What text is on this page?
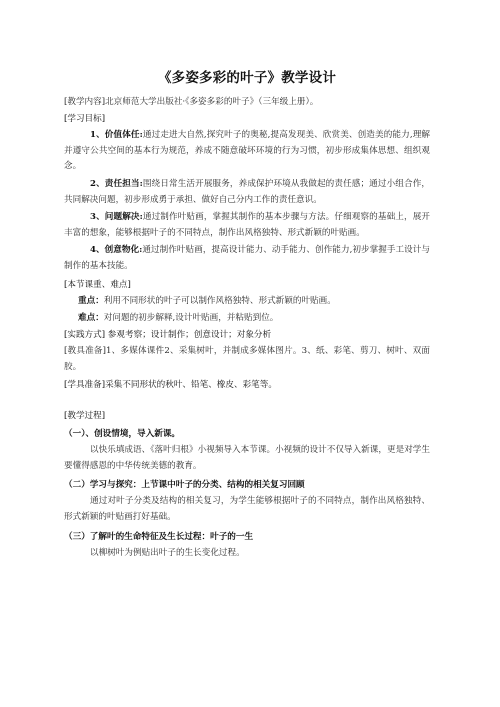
《多姿多彩的叶子》教学设计

[教学内容]北京师范大学出版社·《多姿多彩的叶子》（三年级上册）。

[学习目标]

1、价值体任:通过走进大自然,探究叶子的奥秘,提高发现美、欣赏美、创造美的能力,理解并遵守公共空间的基本行为规范，养成不随意破坏环境的行为习惯，初步形成集体思想、组织观念。

2、责任担当:围绕日常生活开展服务，养成保护环境从我做起的责任感；通过小组合作，共同解决问题，初步形成勇于承担、做好自己分内工作的责任意识。

3、问题解决:通过制作叶贴画，掌握其制作的基本步骤与方法。仔细观察的基础上，展开丰富的想象，能够根据叶子的不同特点，制作出风格独特、形式新颖的叶贴画。

4、创意物化:通过制作叶贴画，提高设计能力、动手能力、创作能力,初步掌握手工设计与制作的基本技能。

[本节课重、难点]

重点：利用不同形状的叶子可以制作风格独特、形式新颖的叶贴画。

难点：对问题的初步解释,设计叶贴画，并粘贴到位。

[实践方式] 参观考察；设计制作；创意设计；对象分析

[教具准备]1、多媒体课件2、采集树叶，并制成多媒体图片。3、纸、彩笔、剪刀、树叶、双面胶。

[学具准备]采集不同形状的秋叶、铅笔、橡皮、彩笔等。

[教学过程]

（一）、创设情境，导入新课。

以快乐填成语、《落叶归根》小视频导入本节课。小视频的设计不仅导入新课，更是对学生要懂得感恩的中华传统美德的教育。

（二）学习与探究：上节课中叶子的分类、结构的相关复习回顾

通过对叶子分类及结构的相关复习，为学生能够根据叶子的不同特点，制作出风格独特、形式新颖的叶贴画打好基础。

（三）了解叶的生命特征及生长过程：叶子的一生

以柳树叶为例贴出叶子的生长变化过程。
